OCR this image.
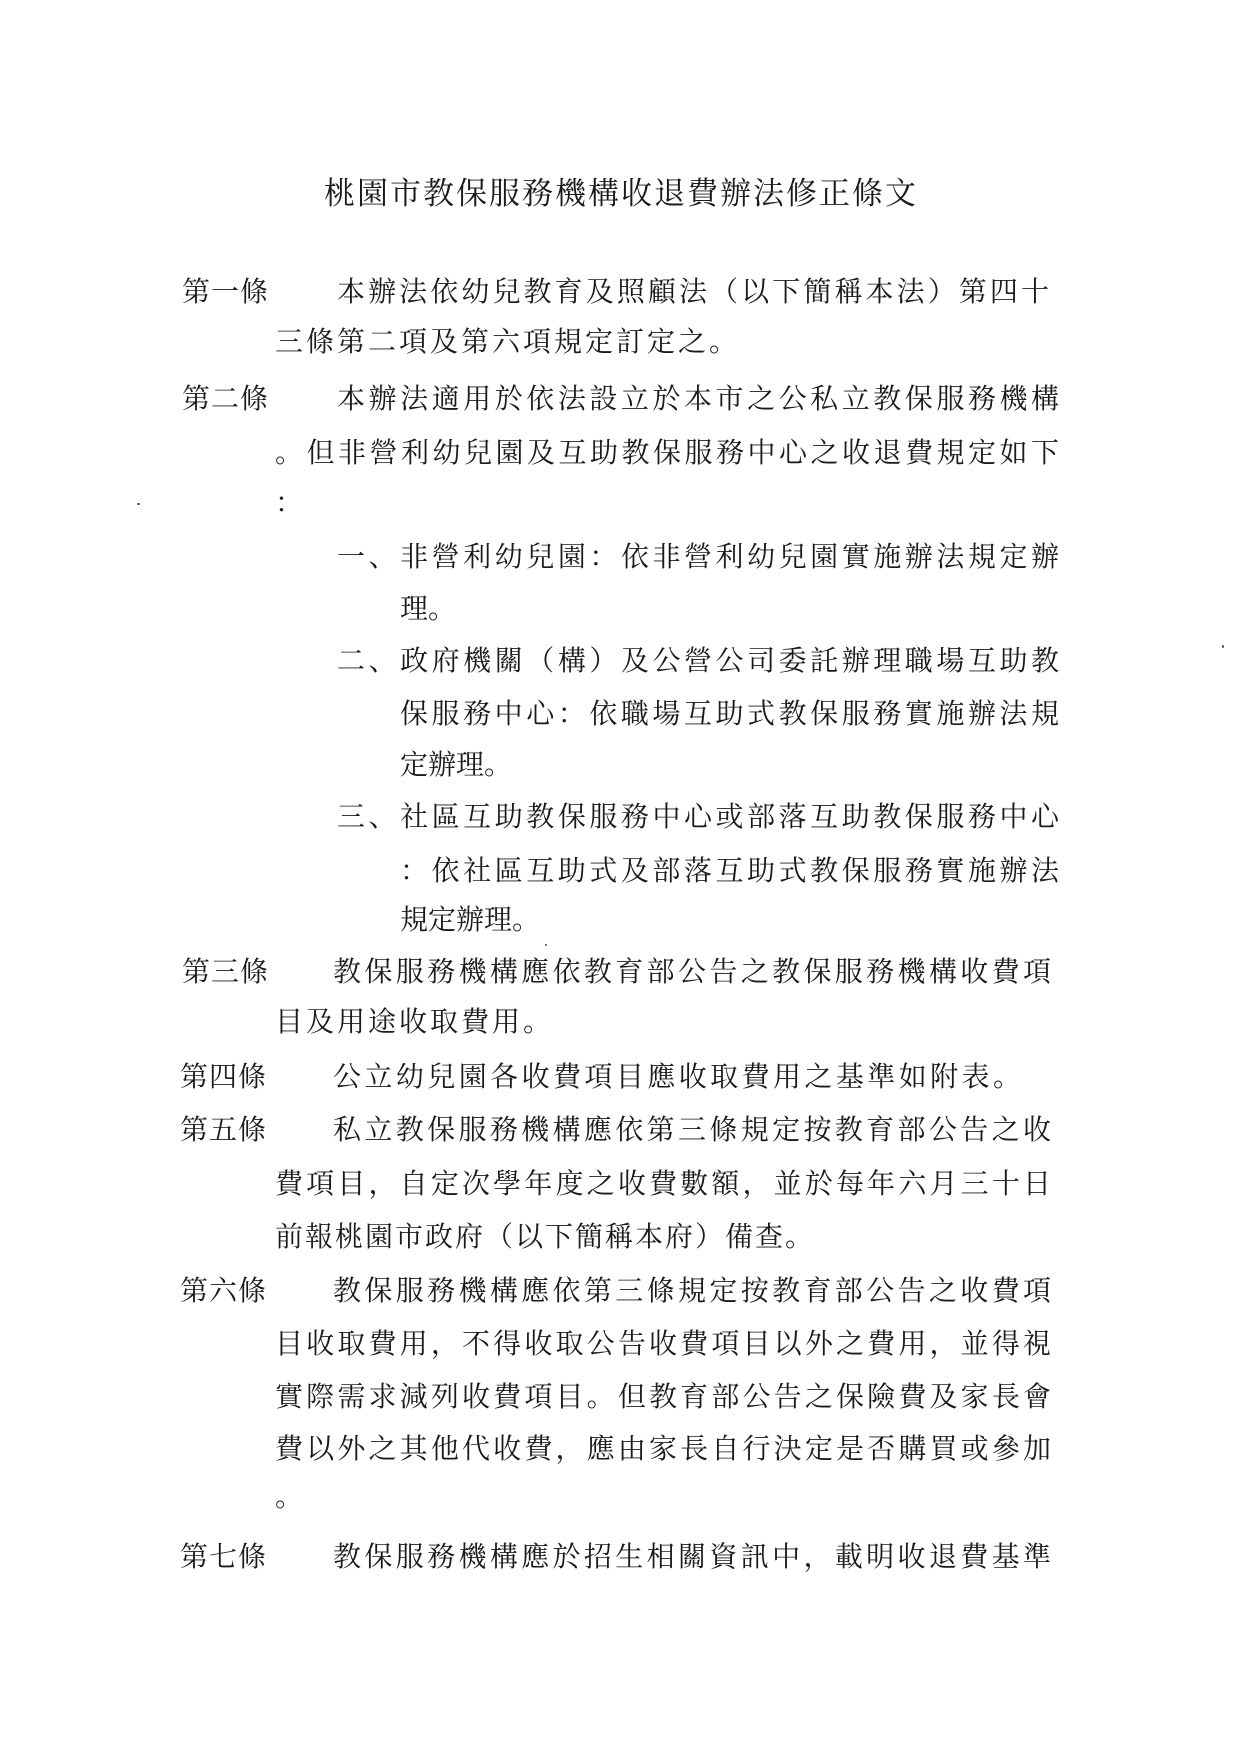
桃園市教保服務機構收退費辦法修正條文
第一條 本辦法依幼兒教育及照顧法（以下簡稱本法）第四十
三條第二項及第六項規定訂定之。
第二條 本辦法適用於依法設立於本市之公私立教保服務機構
。但非營利幼兒園及互助教保服務中心之收退費規定如下
：
一、非營利幼兒園：依非營利幼兒園實施辦法規定辦
理。
二、政府機關（構）及公營公司委託辦理職場互助教
保服務中心：依職場互助式教保服務實施辦法規
定辦理。
三、社區互助教保服務中心或部落互助教保服務中心
：依社區互助式及部落互助式教保服務實施辦法
規定辦理。
第三條 教保服務機構應依教育部公告之教保服務機構收費項
目及用途收取費用。
第四條 公立幼兒園各收費項目應收取費用之基準如附表。
第五條 私立教保服務機構應依第三條規定按教育部公告之收
費項目，自定次學年度之收費數額，並於每年六月三十日
前報桃園市政府（以下簡稱本府）備查。
第六條 教保服務機構應依第三條規定按教育部公告之收費項
目收取費用，不得收取公告收費項目以外之費用，並得視
實際需求減列收費項目。但教育部公告之保險費及家長會
費以外之其他代收費，應由家長自行決定是否購買或參加
。
第七條 教保服務機構應於招生相關資訊中，載明收退費基準
